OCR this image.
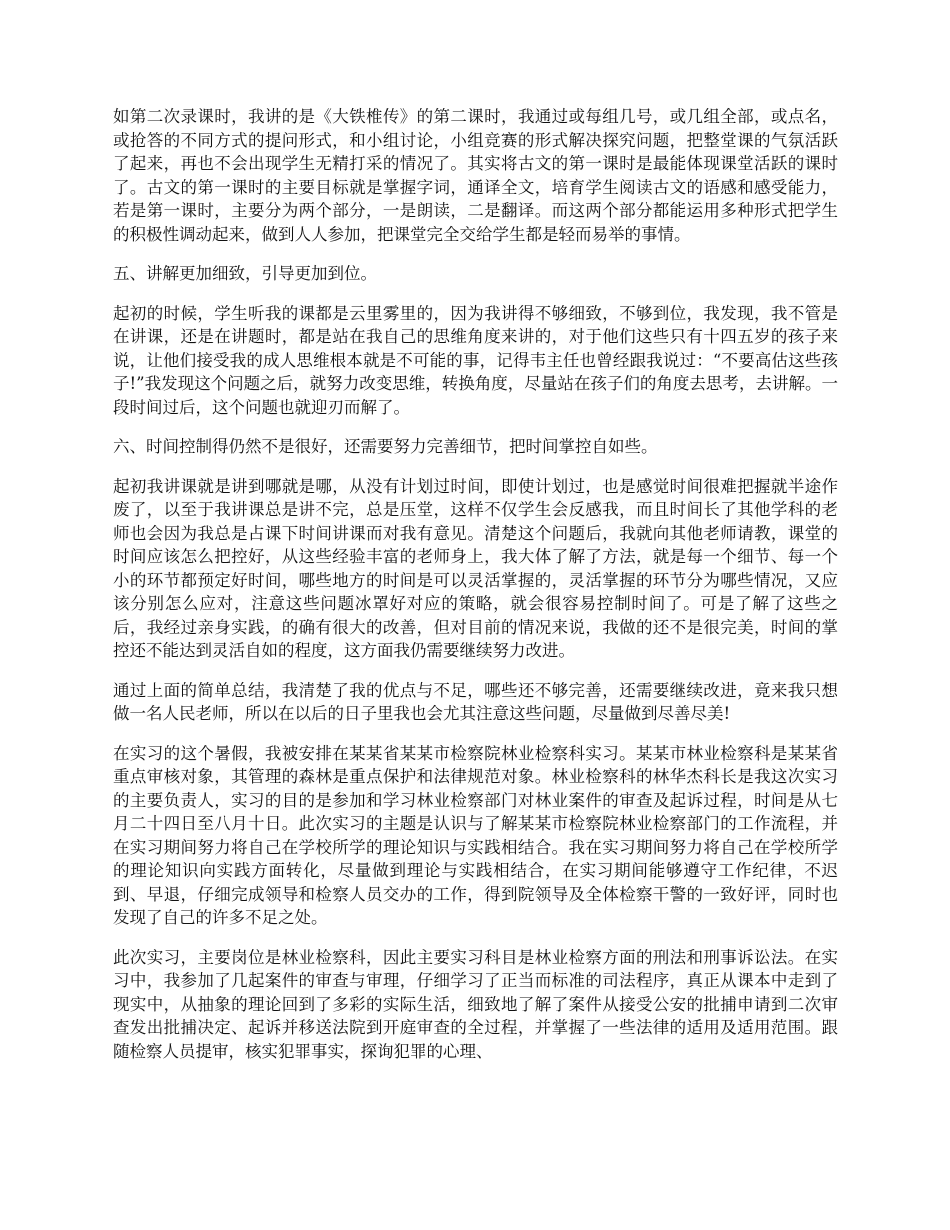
如第二次录课时，我讲的是《大铁椎传》的第二课时，我通过或每组几号，或几组全部，或点名，或抢答的不同方式的提问形式，和小组讨论，小组竞赛的形式解决探究问题，把整堂课的气氛活跃了起来，再也不会出现学生无精打采的情况了。其实将古文的第一课时是最能体现课堂活跃的课时了。古文的第一课时的主要目标就是掌握字词，通译全文，培育学生阅读古文的语感和感受能力，若是第一课时，主要分为两个部分，一是朗读，二是翻译。而这两个部分都能运用多种形式把学生的积极性调动起来，做到人人参加，把课堂完全交给学生都是轻而易举的事情。

五、讲解更加细致，引导更加到位。

起初的时候，学生听我的课都是云里雾里的，因为我讲得不够细致，不够到位，我发现，我不管是在讲课，还是在讲题时，都是站在我自己的思维角度来讲的，对于他们这些只有十四五岁的孩子来说，让他们接受我的成人思维根本就是不可能的事，记得韦主任也曾经跟我说过：“不要高估这些孩子!”我发现这个问题之后，就努力改变思维，转换角度，尽量站在孩子们的角度去思考，去讲解。一段时间过后，这个问题也就迎刃而解了。

六、时间控制得仍然不是很好，还需要努力完善细节，把时间掌控自如些。

起初我讲课就是讲到哪就是哪，从没有计划过时间，即使计划过，也是感觉时间很难把握就半途作废了，以至于我讲课总是讲不完，总是压堂，这样不仅学生会反感我，而且时间长了其他学科的老师也会因为我总是占课下时间讲课而对我有意见。清楚这个问题后，我就向其他老师请教，课堂的时间应该怎么把控好，从这些经验丰富的老师身上，我大体了解了方法，就是每一个细节、每一个小的环节都预定好时间，哪些地方的时间是可以灵活掌握的，灵活掌握的环节分为哪些情况，又应该分别怎么应对，注意这些问题冰罩好对应的策略，就会很容易控制时间了。可是了解了这些之后，我经过亲身实践，的确有很大的改善，但对目前的情况来说，我做的还不是很完美，时间的掌控还不能达到灵活自如的程度，这方面我仍需要继续努力改进。

通过上面的简单总结，我清楚了我的优点与不足，哪些还不够完善，还需要继续改进，竟来我只想做一名人民老师，所以在以后的日子里我也会尤其注意这些问题，尽量做到尽善尽美!

在实习的这个暑假，我被安排在某某省某某市检察院林业检察科实习。某某市林业检察科是某某省重点审核对象，其管理的森林是重点保护和法律规范对象。林业检察科的林华杰科长是我这次实习的主要负责人，实习的目的是参加和学习林业检察部门对林业案件的审查及起诉过程，时间是从七月二十四日至八月十日。此次实习的主题是认识与了解某某市检察院林业检察部门的工作流程，并在实习期间努力将自己在学校所学的理论知识与实践相结合。我在实习期间努力将自己在学校所学的理论知识向实践方面转化，尽量做到理论与实践相结合，在实习期间能够遵守工作纪律，不迟到、早退，仔细完成领导和检察人员交办的工作，得到院领导及全体检察干警的一致好评，同时也发现了自己的许多不足之处。

此次实习，主要岗位是林业检察科，因此主要实习科目是林业检察方面的刑法和刑事诉讼法。在实习中，我参加了几起案件的审查与审理，仔细学习了正当而标准的司法程序，真正从课本中走到了现实中，从抽象的理论回到了多彩的实际生活，细致地了解了案件从接受公安的批捕申请到二次审查发出批捕决定、起诉并移送法院到开庭审查的全过程，并掌握了一些法律的适用及适用范围。跟随检察人员提审，核实犯罪事实，探询犯罪的心理、
